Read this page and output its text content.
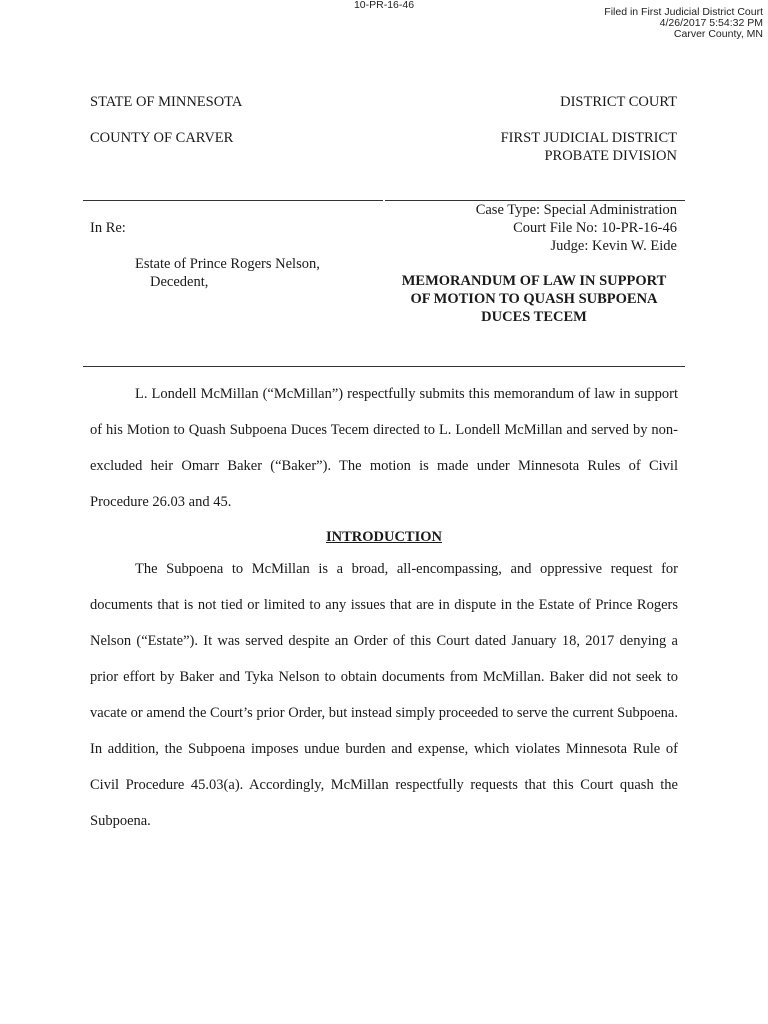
10-PR-16-46
Filed in First Judicial District Court
4/26/2017 5:54:32 PM
Carver County, MN
STATE OF MINNESOTA
COUNTY OF CARVER
DISTRICT COURT
FIRST JUDICIAL DISTRICT
PROBATE DIVISION
Case Type: Special Administration
Court File No: 10-PR-16-46
Judge: Kevin W. Eide
In Re:
Estate of Prince Rogers Nelson,
Decedent,	MEMORANDUM OF LAW IN SUPPORT
OF MOTION TO QUASH SUBPOENA
DUCES TECEM

L. Londell McMillan (“McMillan”) respectfully submits this memorandum of law in support of his Motion to Quash Subpoena Duces Tecem directed to L. Londell McMillan and served by non-excluded heir Omarr Baker (“Baker”). The motion is made under Minnesota Rules of Civil Procedure 26.03 and 45.

INTRODUCTION

The Subpoena to McMillan is a broad, all-encompassing, and oppressive request for documents that is not tied or limited to any issues that are in dispute in the Estate of Prince Rogers Nelson (“Estate”). It was served despite an Order of this Court dated January 18, 2017 denying a prior effort by Baker and Tyka Nelson to obtain documents from McMillan. Baker did not seek to vacate or amend the Court’s prior Order, but instead simply proceeded to serve the current Subpoena. In addition, the Subpoena imposes undue burden and expense, which violates Minnesota Rule of Civil Procedure 45.03(a). Accordingly, McMillan respectfully requests that this Court quash the Subpoena.
